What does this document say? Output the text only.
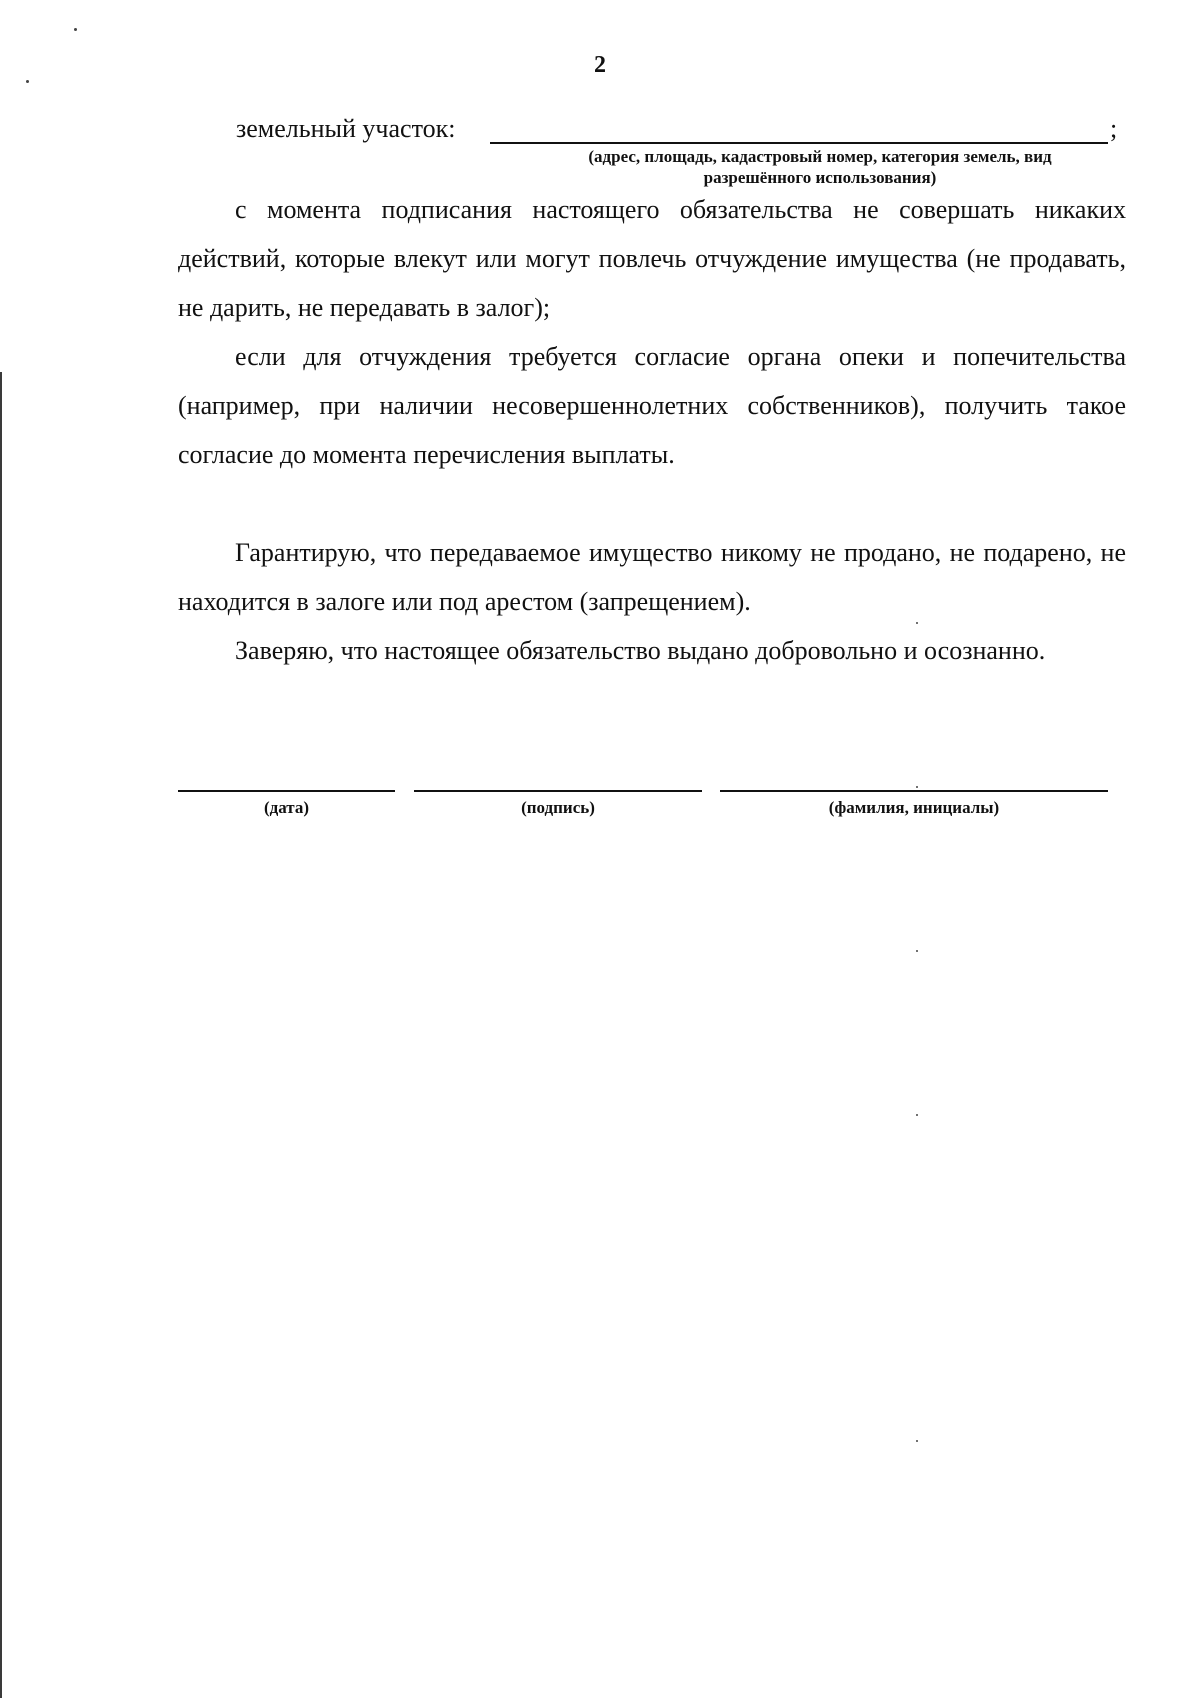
2
земельный участок:	;
(адрес, площадь, кадастровый номер, категория земель, вид разрешённого использования)

с момента подписания настоящего обязательства не совершать никаких действий, которые влекут или могут повлечь отчуждение имущества (не продавать, не дарить, не передавать в залог);

если для отчуждения требуется согласие органа опеки и попечительства (например, при наличии несовершеннолетних собственников), получить такое согласие до момента перечисления выплаты.

Гарантирую, что передаваемое имущество никому не продано, не подарено, не находится в залоге или под арестом (запрещением).

Заверяю, что настоящее обязательство выдано добровольно и осознанно.

(дата)	(подпись)	(фамилия, инициалы)
